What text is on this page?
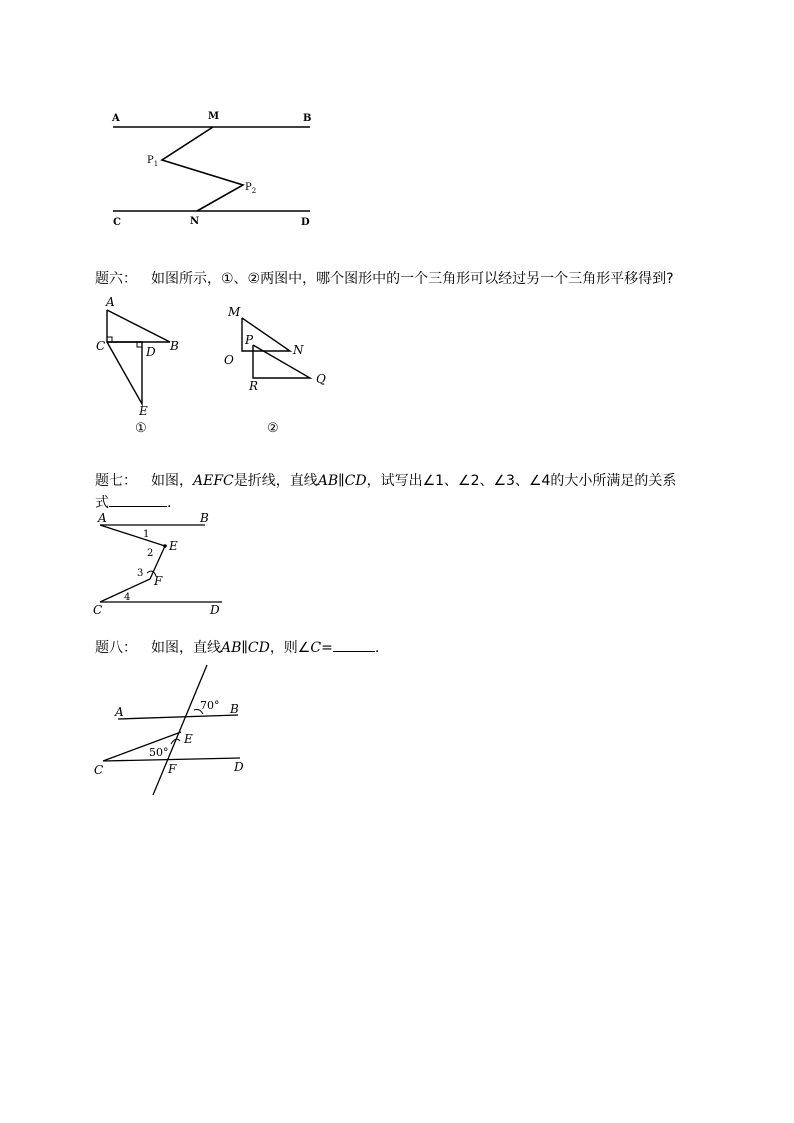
A	M	B
$P_1$
$P_2$
C	N	D
题六： 如图所示，①、②两图中，哪个图形中的一个三角形可以经过另一个三角形平移得到?
A
C	D B
E
①
M
O
P
N
R	Q
②
题七： 如图，AEFC是折线，直线AB∥CD，试写出∠1、∠2、∠3、∠4的大小所满足的关系
式	.
A	B
E
F
C	D
1
2
3
4
题八： 如图，直线AB∥CD，则∠C=	.
A	B
E
C	F	D
70°
50°
